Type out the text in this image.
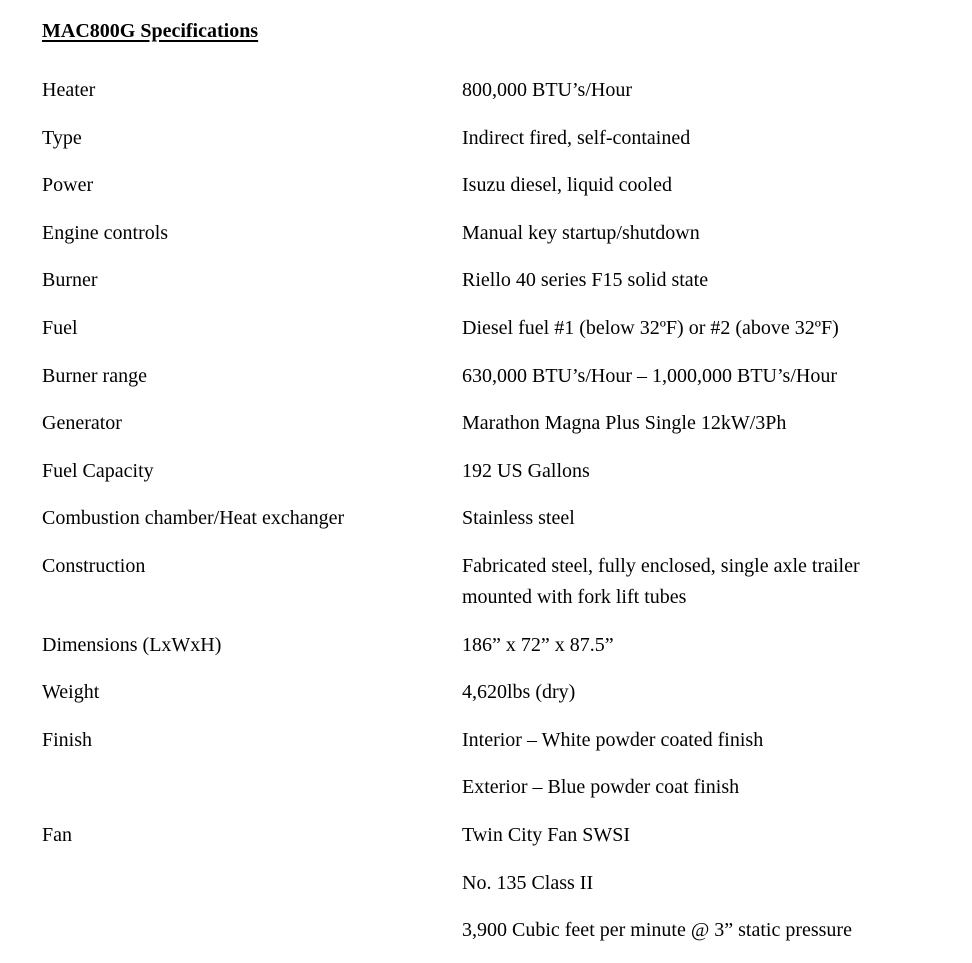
MAC800G Specifications
Heater	800,000 BTU’s/Hour
Type	Indirect fired, self-contained
Power	Isuzu diesel, liquid cooled
Engine controls	Manual key startup/shutdown
Burner	Riello 40 series F15 solid state
Fuel	Diesel fuel #1 (below 32ºF) or #2 (above 32ºF)
Burner range	630,000 BTU’s/Hour – 1,000,000 BTU’s/Hour
Generator	Marathon Magna Plus Single 12kW/3Ph
Fuel Capacity	192 US Gallons
Combustion chamber/Heat exchanger	Stainless steel
Construction	Fabricated steel, fully enclosed, single axle trailer mounted with fork lift tubes
Dimensions (LxWxH)	186” x 72” x 87.5”
Weight	4,620lbs (dry)
Finish	Interior – White powder coated finish
Exterior – Blue powder coat finish
Fan	Twin City Fan SWSI
No. 135 Class II
3,900 Cubic feet per minute @ 3” static pressure
